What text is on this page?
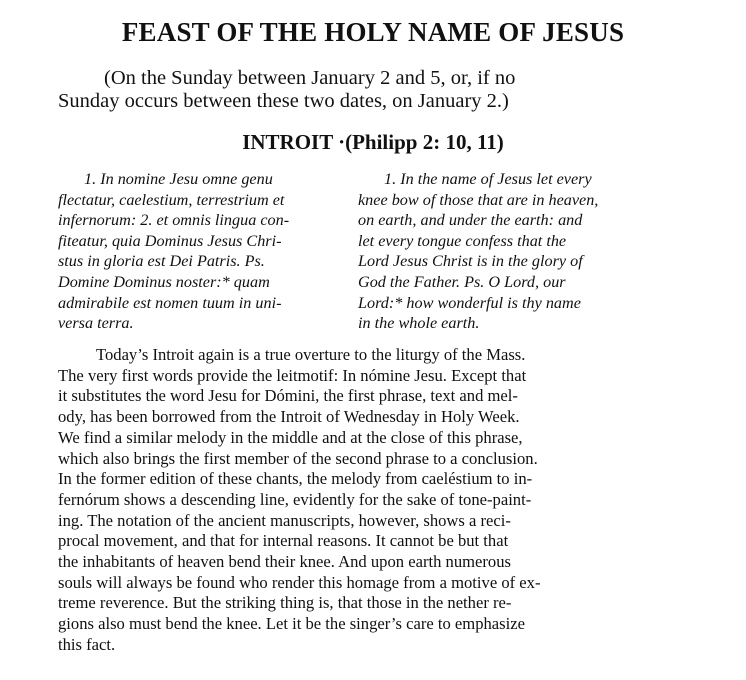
FEAST OF THE HOLY NAME OF JESUS
(On the Sunday between January 2 and 5, or, if no
Sunday occurs between these two dates, on January 2.)
INTROIT ·(Philipp 2: 10, 11)
1. In nomine Jesu omne genu
flectatur, caelestium, terrestrium et
infernorum: 2. et omnis lingua con-
fiteatur, quia Dominus Jesus Chri-
stus in gloria est Dei Patris. Ps.
Domine Dominus noster:* quam
admirabile est nomen tuum in uni-
versa terra.
1. In the name of Jesus let every
knee bow of those that are in heaven,
on earth, and under the earth: and
let every tongue confess that the
Lord Jesus Christ is in the glory of
God the Father. Ps. O Lord, our
Lord:* how wonderful is thy name
in the whole earth.
Today’s Introit again is a true overture to the liturgy of the Mass.
The very first words provide the leitmotif: In nómine Jesu. Except that
it substitutes the word Jesu for Dómini, the first phrase, text and mel-
ody, has been borrowed from the Introit of Wednesday in Holy Week.
We find a similar melody in the middle and at the close of this phrase,
which also brings the first member of the second phrase to a conclusion.
In the former edition of these chants, the melody from caeléstium to in-
fernórum shows a descending line, evidently for the sake of tone-paint-
ing. The notation of the ancient manuscripts, however, shows a reci-
procal movement, and that for internal reasons. It cannot be but that
the inhabitants of heaven bend their knee. And upon earth numerous
souls will always be found who render this homage from a motive of ex-
treme reverence. But the striking thing is, that those in the nether re-
gions also must bend the knee. Let it be the singer’s care to emphasize
this fact.
